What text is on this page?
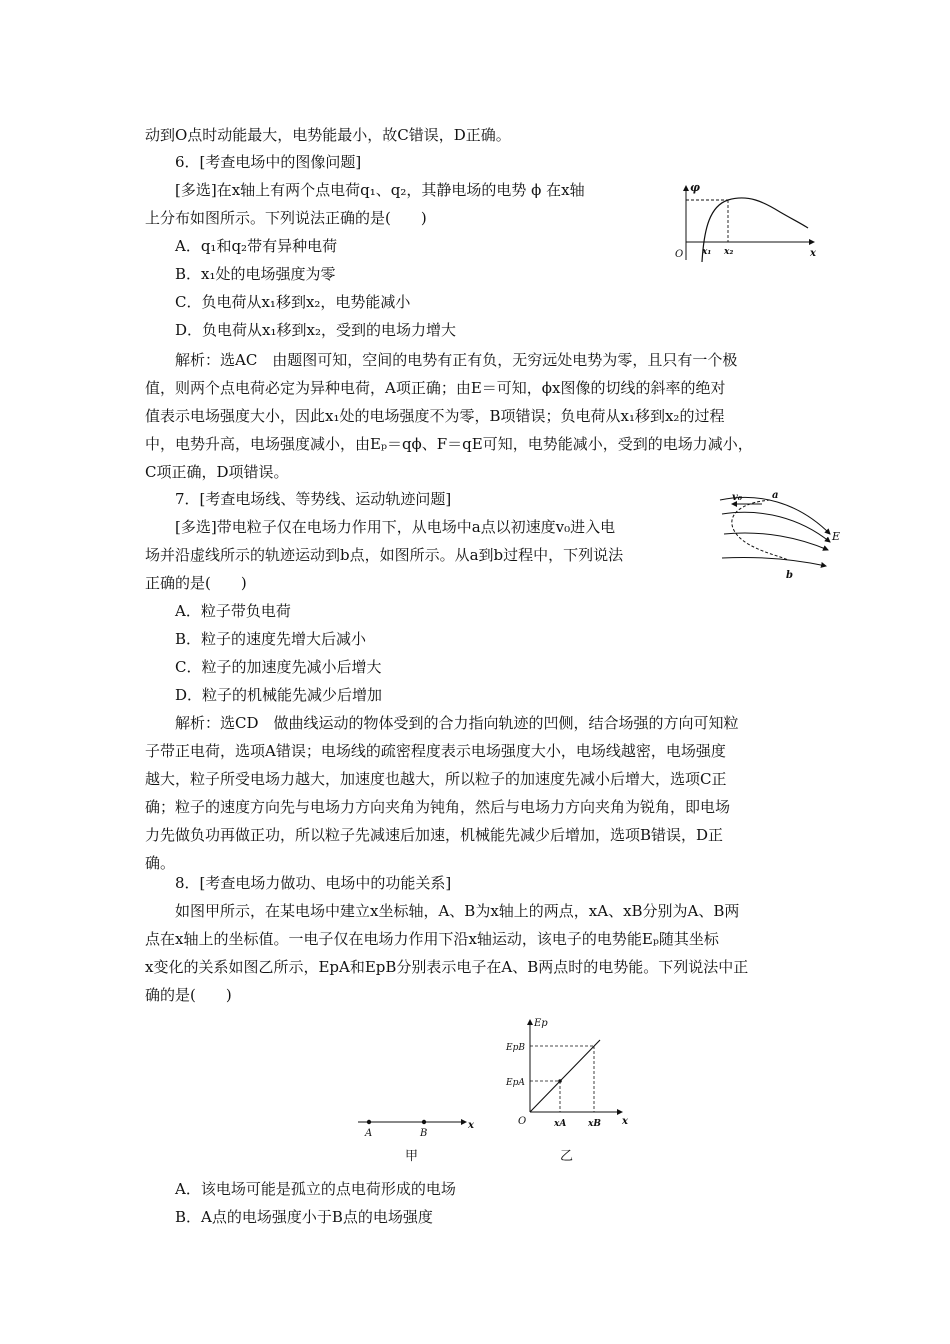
动到O点时动能最大，电势能最小，故C错误，D正确。
6．[考查电场中的图像问题]
[多选]在x轴上有两个点电荷q₁、q₂，其静电场的电势 ϕ 在x轴
上分布如图所示。下列说法正确的是(　　)
A．q₁和q₂带有异种电荷
B．x₁处的电场强度为零
C．负电荷从x₁移到x₂，电势能减小
D．负电荷从x₁移到x₂，受到的电场力增大
解析：选AC　由题图可知，空间的电势有正有负，无穷远处电势为零，且只有一个极
值，则两个点电荷必定为异种电荷，A项正确；由E＝可知，ϕx图像的切线的斜率的绝对
值表示电场强度大小，因此x₁处的电场强度不为零，B项错误；负电荷从x₁移到x₂的过程
中，电势升高，电场强度减小，由Eₚ＝qϕ、F＝qE可知，电势能减小，受到的电场力减小，
C项正确，D项错误。
φ
x
O x₁ x₂
7．[考查电场线、等势线、运动轨迹问题]
[多选]带电粒子仅在电场力作用下，从电场中a点以初速度v₀进入电
场并沿虚线所示的轨迹运动到b点，如图所示。从a到b过程中，下列说法
正确的是(　　)
A．粒子带负电荷
B．粒子的速度先增大后减小
C．粒子的加速度先减小后增大
D．粒子的机械能先减少后增加
解析：选CD　做曲线运动的物体受到的合力指向轨迹的凹侧，结合场强的方向可知粒
子带正电荷，选项A错误；电场线的疏密程度表示电场强度大小，电场线越密，电场强度
越大，粒子所受电场力越大，加速度也越大，所以粒子的加速度先减小后增大，选项C正
确；粒子的速度方向先与电场力方向夹角为钝角，然后与电场力方向夹角为锐角，即电场
力先做负功再做正功，所以粒子先减速后加速，机械能先减少后增加，选项B错误，D正
确。
v₀	a
b
E
8．[考查电场力做功、电场中的功能关系]
如图甲所示，在某电场中建立x坐标轴，A、B为x轴上的两点，xA、xB分别为A、B两
点在x轴上的坐标值。一电子仅在电场力作用下沿x轴运动，该电子的电势能Eₚ随其坐标
x变化的关系如图乙所示，EpA和EpB分别表示电子在A、B两点时的电势能。下列说法中正
确的是(　　)
A	B
x
甲
Ep
EpB
EpA
O	xA xB x
乙
A．该电场可能是孤立的点电荷形成的电场
B．A点的电场强度小于B点的电场强度
